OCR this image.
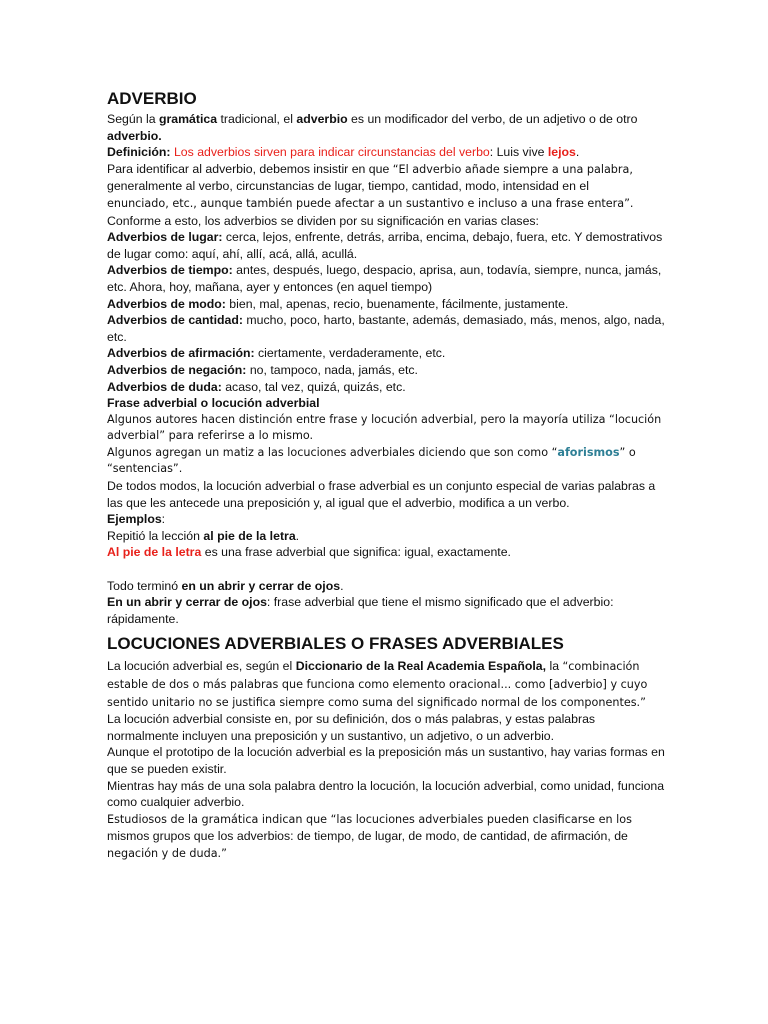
ADVERBIO

Según la gramática tradicional, el adverbio es un modificador del verbo, de un adjetivo o de otro adverbio.

Definición: Los adverbios sirven para indicar circunstancias del verbo: Luis vive lejos.

Para identificar al adverbio, debemos insistir en que “El adverbio añade siempre a una palabra,
generalmente al verbo, circunstancias de lugar, tiempo, cantidad, modo, intensidad en el
enunciado, etc., aunque también puede afectar a un sustantivo e incluso a una frase entera”.

Conforme a esto, los adverbios se dividen por su significación en varias clases:

Adverbios de lugar: cerca, lejos, enfrente, detrás, arriba, encima, debajo, fuera, etc. Y demostrativos de lugar como: aquí, ahí, allí, acá, allá, acullá.

Adverbios de tiempo: antes, después, luego, despacio, aprisa, aun, todavía, siempre, nunca, jamás, etc. Ahora, hoy, mañana, ayer y entonces (en aquel tiempo)

Adverbios de modo: bien, mal, apenas, recio, buenamente, fácilmente, justamente.

Adverbios de cantidad: mucho, poco, harto, bastante, además, demasiado, más, menos, algo, nada, etc.

Adverbios de afirmación: ciertamente, verdaderamente, etc.

Adverbios de negación: no, tampoco, nada, jamás, etc.

Adverbios de duda: acaso, tal vez, quizá, quizás, etc.

Frase adverbial o locución adverbial

Algunos autores hacen distinción entre frase y locución adverbial, pero la mayoría utiliza “locución adverbial” para referirse a lo mismo.

Algunos agregan un matiz a las locuciones adverbiales diciendo que son como “aforismos” o “sentencias”.

De todos modos, la locución adverbial o frase adverbial es un conjunto especial de varias palabras a las que les antecede una preposición y, al igual que el adverbio, modifica a un verbo.

Ejemplos:

Repitió la lección al pie de la letra.

Al pie de la letra es una frase adverbial que significa: igual, exactamente.

Todo terminó en un abrir y cerrar de ojos.

En un abrir y cerrar de ojos: frase adverbial que tiene el mismo significado que el adverbio: rápidamente.

LOCUCIONES ADVERBIALES O FRASES ADVERBIALES

La locución adverbial es, según el Diccionario de la Real Academia Española, la “combinación estable de dos o más palabras que funciona como elemento oracional... como [adverbio] y cuyo sentido unitario no se justifica siempre como suma del significado normal de los componentes.”

La locución adverbial consiste en, por su definición, dos o más palabras, y estas palabras normalmente incluyen una preposición y un sustantivo, un adjetivo, o un adverbio.

Aunque el prototipo de la locución adverbial es la preposición más un sustantivo, hay varias formas en que se pueden existir.

Mientras hay más de una sola palabra dentro la locución, la locución adverbial, como unidad, funciona como cualquier adverbio.

Estudiosos de la gramática indican que “las locuciones adverbiales pueden clasificarse en los
mismos grupos que los adverbios: de tiempo, de lugar, de modo, de cantidad, de afirmación, de
negación y de duda.”
